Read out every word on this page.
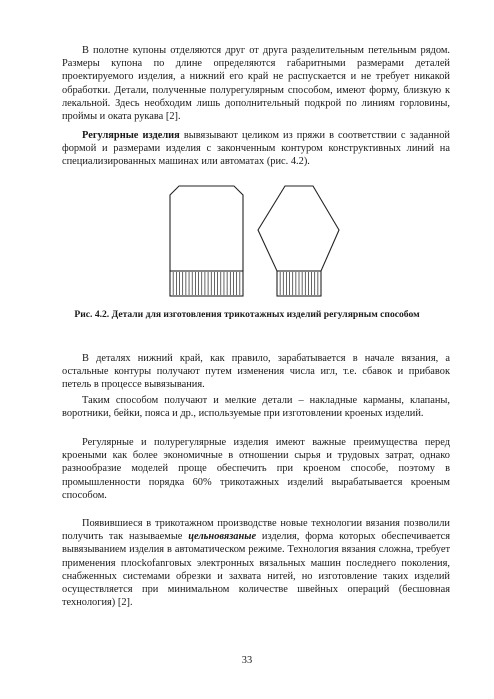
В полотне купоны отделяются друг от друга разделительным петельным рядом. Размеры купона по длине определяются габаритными размерами деталей проектируемого изделия, а нижний его край не распускается и не требует никакой обработки. Детали, полученные полурегулярным способом, имеют форму, близкую к лекальной. Здесь необходим лишь дополнительный подкрой по линиям горловины, проймы и оката рукава [2].

Регулярные изделия вывязывают целиком из пряжи в соответствии с заданной формой и размерами изделия с законченным контуром конструктивных линий на специализированных машинах или автоматах (рис. 4.2).

Рис. 4.2. Детали для изготовления трикотажных изделий регулярным способом

В деталях нижний край, как правило, зарабатывается в начале вязания, а остальные контуры получают путем изменения числа игл, т.е. сбавок и прибавок петель в процессе вывязывания.

Таким способом получают и мелкие детали – накладные карманы, клапаны, воротники, бейки, пояса и др., используемые при изготовлении кроеных изделий.

Регулярные и полурегулярные изделия имеют важные преимущества перед кроеными как более экономичные в отношении сырья и трудовых затрат, однако разнообразие моделей проще обеспечить при кроеном способе, поэтому в промышленности порядка 60% трикотажных изделий вырабатывается кроеным способом.

Появившиеся в трикотажном производстве новые технологии вязания позволили получить так называемые цельновязаные изделия, форма которых обеспечивается вывязыванием изделия в автоматическом режиме. Технология вязания сложна, требует применения плосkofanговых электронных вязальных машин последнего поколения, снабженных системами обрезки и захвата нитей, но изготовление таких изделий осуществляется при минимальном количестве швейных операций (бесшовная технология) [2].

33
